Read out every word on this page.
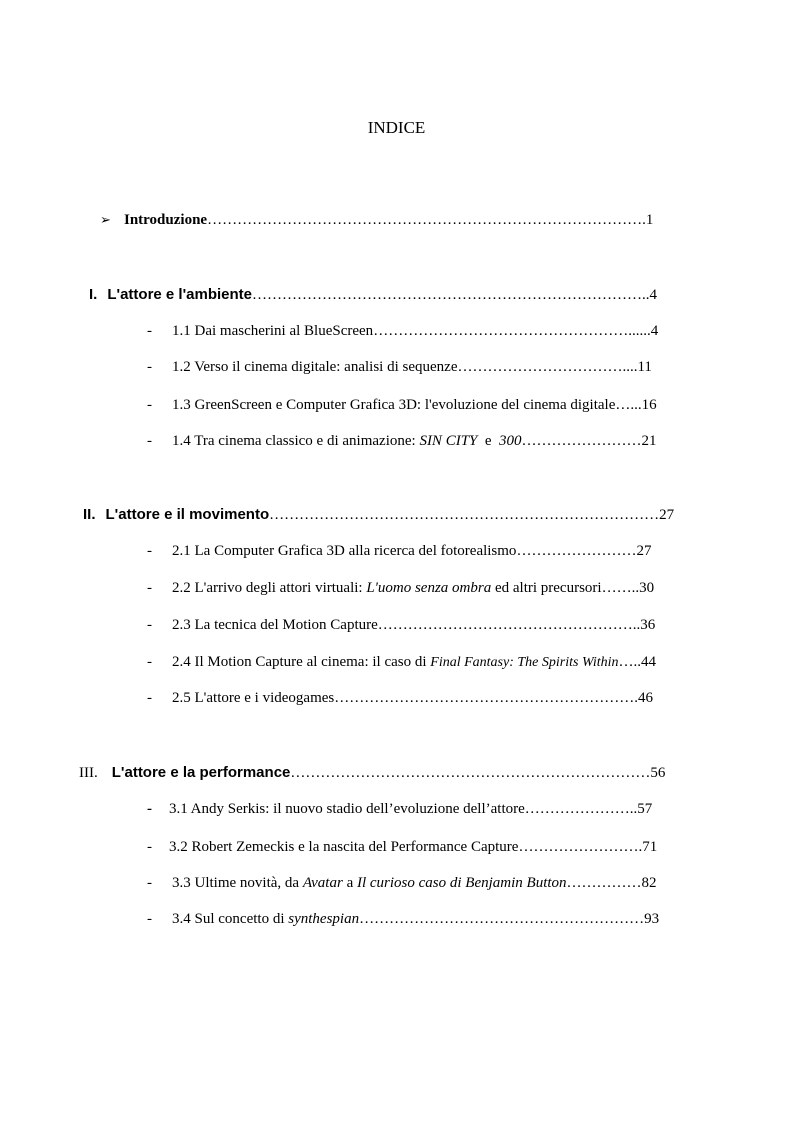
INDICE
➢ Introduzione…………………………………………………………………………….1
I. L'attore e l'ambiente……………………………………………………………………..4
- 1.1 Dai mascherini al BlueScreen……………………………………………......4
- 1.2 Verso il cinema digitale: analisi di sequenze……………………………....11
- 1.3 GreenScreen e Computer Grafica 3D: l'evoluzione del cinema digitale…...16
- 1.4 Tra cinema classico e di animazione: SIN CITY  e  300……………………21
II. L'attore e il movimento……………………………………………………………………27
- 2.1 La Computer Grafica 3D alla ricerca del fotorealismo……………………27
- 2.2 L'arrivo degli attori virtuali: L'uomo senza ombra ed altri precursori……..30
- 2.3 La tecnica del Motion Capture……………………………………………..36
- 2.4 Il Motion Capture al cinema: il caso di Final Fantasy: The Spirits Within…..44
- 2.5 L'attore e i videogames…………………………………………………….46
III. L'attore e la performance………………………………………………………………56
- 3.1 Andy Serkis: il nuovo stadio dell’evoluzione dell’attore…………………..57
- 3.2 Robert Zemeckis e la nascita del Performance Capture…………………….71
- 3.3 Ultime novità, da Avatar a Il curioso caso di Benjamin Button……………82
- 3.4 Sul concetto di synthespian…………………………………………………93
